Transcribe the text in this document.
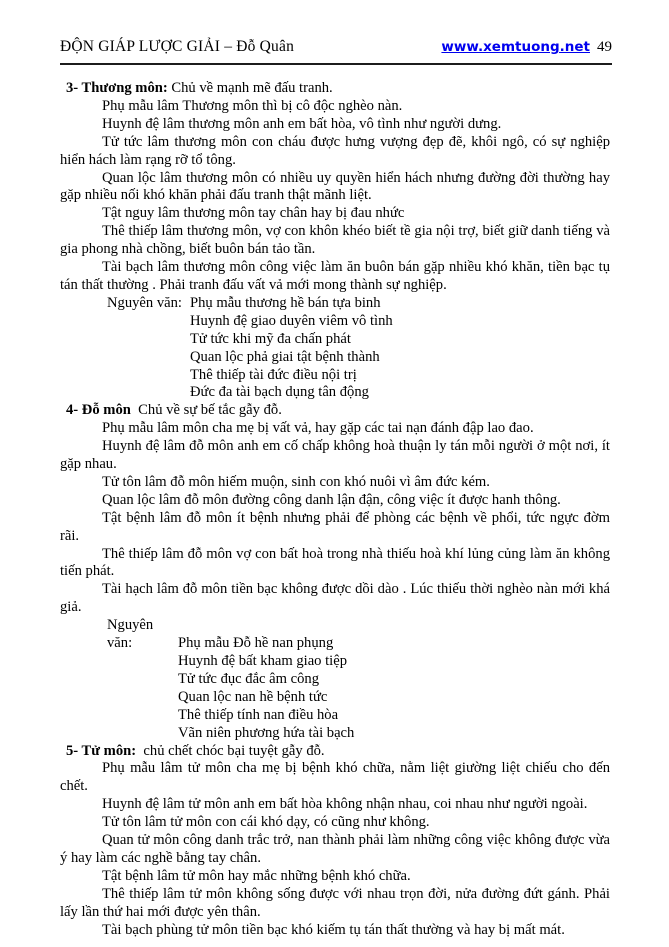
ĐỘN GIÁP LƯỢC GIẢI – Đỗ Quân	www.xemtuong.net 49

3- Thương môn: Chủ về mạnh mẽ đấu tranh.

Phụ mẫu lâm Thương môn thì bị cô độc nghèo nàn.

Huynh đệ lâm thương môn anh em bất hòa, vô tình như người dưng.

Tử tức lâm thương môn con cháu được hưng vượng đẹp đẽ, khôi ngô, có sự nghiệp hiển hách làm rạng rỡ tổ tông.

Quan lộc lâm thương môn có nhiều uy quyền hiển hách nhưng đường đời thường hay gặp nhiều nối khó khăn phải đấu tranh thật mãnh liệt.

Tật nguy lâm thương môn tay chân hay bị đau nhức

Thê thiếp lâm thương môn, vợ con khôn khéo biết tề gia nội trợ, biết giữ danh tiếng và gia phong nhà chồng, biết buôn bán tảo tần.

Tài bạch lâm thương môn công việc làm ăn buôn bán gặp nhiều khó khăn, tiền bạc tụ tán thất thường . Phải tranh đấu vất vả mới mong thành sự nghiệp.

Nguyên văn: Phụ mẫu thương hề bán tựa binh
Huynh đệ giao duyên viêm vô tình
Tử tức khi mỹ đa chấn phát
Quan lộc phả giai tật bệnh thành
Thê thiếp tài đức điều nội trị
Đức đa tài bạch dụng tân động

4- Đỗ môn Chủ về sự bế tắc gẫy đỗ.

Phụ mẫu lâm môn cha mẹ bị vất vả, hay gặp các tai nạn đánh đập lao đao.

Huynh đệ lâm đỗ môn anh em cố chấp không hoà thuận ly tán mỗi người ở một nơi, ít gặp nhau.

Tử tôn lâm đỗ môn hiếm muộn, sinh con khó nuôi vì âm đức kém.

Quan lộc lâm đỗ môn đường công danh lận đận, công việc ít được hanh thông.

Tật bệnh lâm đỗ môn ít bệnh nhưng phải để phòng các bệnh về phổi, tức ngực đờm rãi.

Thê thiếp lâm đỗ môn vợ con bất hoà trong nhà thiếu hoà khí lủng củng làm ăn không tiến phát.

Tài hạch lâm đỗ môn tiền bạc không được dồi dào . Lúc thiếu thời nghèo nàn mới khá giả.

Nguyên văn:	Phụ mẫu Đỗ hề nan phụng
Huynh đệ bất kham giao tiệp
Tử tức đục đắc âm công
Quan lộc nan hề bệnh tức
Thê thiếp tính nan điều hòa
Vãn niên phương hứa tài bạch

5- Tử môn: chủ chết chóc bại tuyệt gẫy đỗ.

Phụ mẫu lâm tử môn cha mẹ bị bệnh khó chữa, nằm liệt giường liệt chiếu cho đến chết.

Huynh đệ lâm tử môn anh em bất hòa không nhận nhau, coi nhau như người ngoài.

Tử tôn lâm tử môn con cái khó dạy, có cũng như không.

Quan tử môn công danh trắc trở, nan thành phải làm những công việc không được vừa ý hay làm các nghề bằng tay chân.

Tật bệnh lâm tử môn hay mắc những bệnh khó chữa.

Thê thiếp lâm tử môn không sống được với nhau trọn đời, nửa đường đứt gánh. Phải lấy lần thứ hai mới được yên thân.

Tài bạch phùng tử môn tiền bạc khó kiếm tụ tán thất thường và hay bị mất mát.
